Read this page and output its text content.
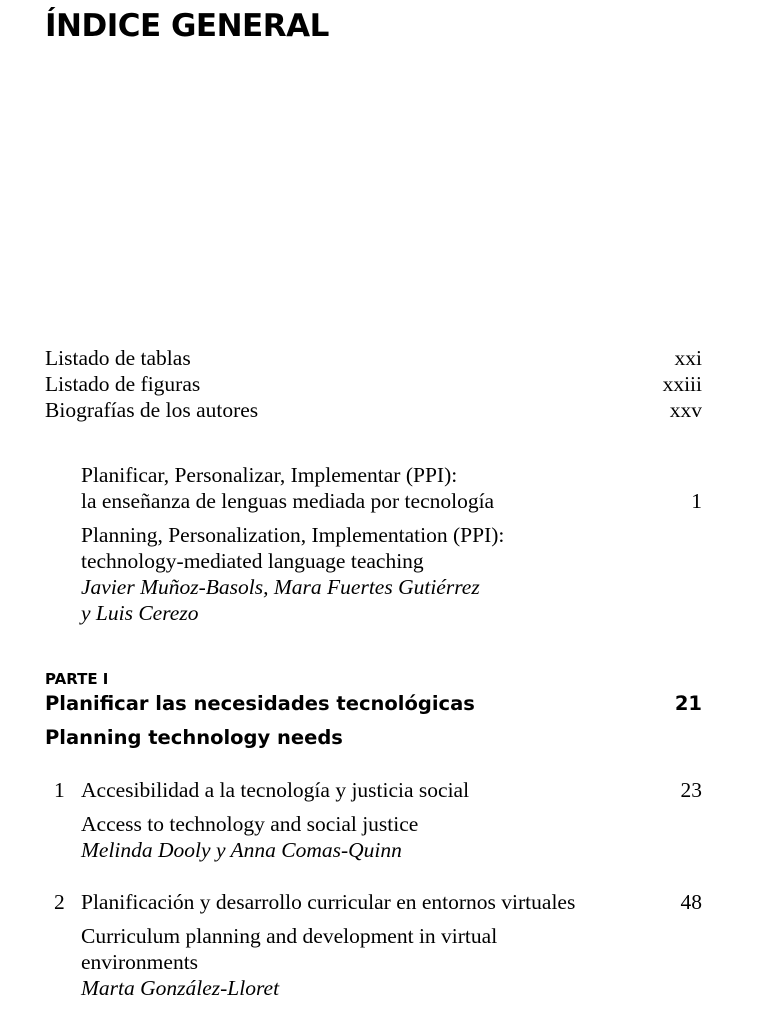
ÍNDICE GENERAL
Listado de tablas	xxi
Listado de figuras	xxiii
Biografías de los autores	xxv
Planificar, Personalizar, Implementar (PPI):
la enseñanza de lenguas mediada por tecnología	1
Planning, Personalization, Implementation (PPI):
technology-mediated language teaching
Javier Muñoz-Basols, Mara Fuertes Gutiérrez
y Luis Cerezo
PARTE I
Planificar las necesidades tecnológicas	21
Planning technology needs
1 Accesibilidad a la tecnología y justicia social	23
Access to technology and social justice
Melinda Dooly y Anna Comas-Quinn
2 Planificación y desarrollo curricular en entornos virtuales	48
Curriculum planning and development in virtual
environments
Marta González-Lloret
